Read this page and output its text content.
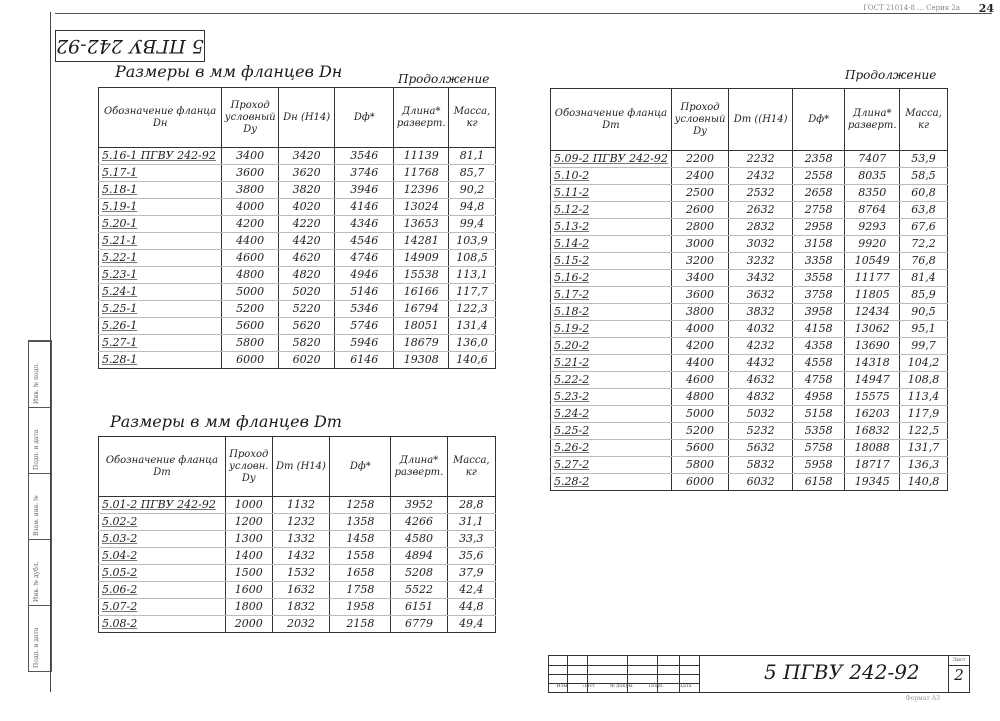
24
ГОСТ 21014-8 ... Серия 2а
5 ПГВУ 242-92
Размеры в мм фланцев Dн	Продолжение
Обозначение фланца Dн	Проход условный Dу	Dн (H14)	Dф*	Длина* разверт.	Масса, кг
5.16-1 ПГВУ 242-92	3400	3420	3546	11139	81,1
5.17-1	3600	3620	3746	11768	85,7
5.18-1	3800	3820	3946	12396	90,2
5.19-1	4000	4020	4146	13024	94,8
5.20-1	4200	4220	4346	13653	99,4
5.21-1	4400	4420	4546	14281	103,9
5.22-1	4600	4620	4746	14909	108,5
5.23-1	4800	4820	4946	15538	113,1
5.24-1	5000	5020	5146	16166	117,7
5.25-1	5200	5220	5346	16794	122,3
5.26-1	5600	5620	5746	18051	131,4
5.27-1	5800	5820	5946	18679	136,0
5.28-1	6000	6020	6146	19308	140,6
Размеры в мм фланцев Dт
Обозначение фланца Dт	Проход условн. Dу	Dт (H14)	Dф*	Длина* разверт.	Масса, кг
5.01-2 ПГВУ 242-92	1000	1132	1258	3952	28,8
5.02-2	1200	1232	1358	4266	31,1
5.03-2	1300	1332	1458	4580	33,3
5.04-2	1400	1432	1558	4894	35,6
5.05-2	1500	1532	1658	5208	37,9
5.06-2	1600	1632	1758	5522	42,4
5.07-2	1800	1832	1958	6151	44,8
5.08-2	2000	2032	2158	6779	49,4
Продолжение
Обозначение фланца Dт	Проход условный Dу	Dт ((H14)	Dф*	Длина* разверт.	Масса, кг
5.09-2 ПГВУ 242-92	2200	2232	2358	7407	53,9
5.10-2	2400	2432	2558	8035	58,5
5.11-2	2500	2532	2658	8350	60,8
5.12-2	2600	2632	2758	8764	63,8
5.13-2	2800	2832	2958	9293	67,6
5.14-2	3000	3032	3158	9920	72,2
5.15-2	3200	3232	3358	10549	76,8
5.16-2	3400	3432	3558	11177	81,4
5.17-2	3600	3632	3758	11805	85,9
5.18-2	3800	3832	3958	12434	90,5
5.19-2	4000	4032	4158	13062	95,1
5.20-2	4200	4232	4358	13690	99,7
5.21-2	4400	4432	4558	14318	104,2
5.22-2	4600	4632	4758	14947	108,8
5.23-2	4800	4832	4958	15575	113,4
5.24-2	5000	5032	5158	16203	117,9
5.25-2	5200	5232	5358	16832	122,5
5.26-2	5600	5632	5758	18088	131,7
5.27-2	5800	5832	5958	18717	136,3
5.28-2	6000	6032	6158	19345	140,8
Инв. № подл.
Подп. и дата
Взам. инв. №
Инв. № дубл.
Подп. и дата
Изм	Лист	№ докум.	Подп.	Дата
5 ПГВУ 242-92	Лист
2
Формат А3
